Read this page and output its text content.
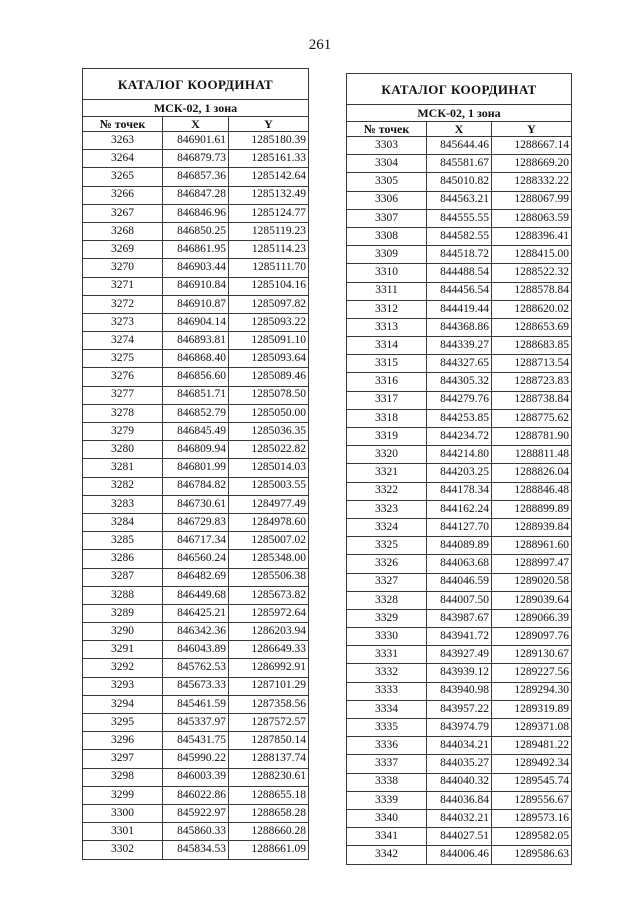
261
КАТАЛОГ КООРДИНАТ		
МСК-02, 1 зона		
№ точек	X	Y
3263	846901.61	1285180.39
3264	846879.73	1285161.33
3265	846857.36	1285142.64
3266	846847.28	1285132.49
3267	846846.96	1285124.77
3268	846850.25	1285119.23
3269	846861.95	1285114.23
3270	846903.44	1285111.70
3271	846910.84	1285104.16
3272	846910.87	1285097.82
3273	846904.14	1285093.22
3274	846893.81	1285091.10
3275	846868.40	1285093.64
3276	846856.60	1285089.46
3277	846851.71	1285078.50
3278	846852.79	1285050.00
3279	846845.49	1285036.35
3280	846809.94	1285022.82
3281	846801.99	1285014.03
3282	846784.82	1285003.55
3283	846730.61	1284977.49
3284	846729.83	1284978.60
3285	846717.34	1285007.02
3286	846560.24	1285348.00
3287	846482.69	1285506.38
3288	846449.68	1285673.82
3289	846425.21	1285972.64
3290	846342.36	1286203.94
3291	846043.89	1286649.33
3292	845762.53	1286992.91
3293	845673.33	1287101.29
3294	845461.59	1287358.56
3295	845337.97	1287572.57
3296	845431.75	1287850.14
3297	845990.22	1288137.74
3298	846003.39	1288230.61
3299	846022.86	1288655.18
3300	845922.97	1288658.28
3301	845860.33	1288660.28
3302	845834.53	1288661.09
КАТАЛОГ КООРДИНАТ		
МСК-02, 1 зона		
№ точек	X	Y
3303	845644.46	1288667.14
3304	845581.67	1288669.20
3305	845010.82	1288332.22
3306	844563.21	1288067.99
3307	844555.55	1288063.59
3308	844582.55	1288396.41
3309	844518.72	1288415.00
3310	844488.54	1288522.32
3311	844456.54	1288578.84
3312	844419.44	1288620.02
3313	844368.86	1288653.69
3314	844339.27	1288683.85
3315	844327.65	1288713.54
3316	844305.32	1288723.83
3317	844279.76	1288738.84
3318	844253.85	1288775.62
3319	844234.72	1288781.90
3320	844214.80	1288811.48
3321	844203.25	1288826.04
3322	844178.34	1288846.48
3323	844162.24	1288899.89
3324	844127.70	1288939.84
3325	844089.89	1288961.60
3326	844063.68	1288997.47
3327	844046.59	1289020.58
3328	844007.50	1289039.64
3329	843987.67	1289066.39
3330	843941.72	1289097.76
3331	843927.49	1289130.67
3332	843939.12	1289227.56
3333	843940.98	1289294.30
3334	843957.22	1289319.89
3335	843974.79	1289371.08
3336	844034.21	1289481.22
3337	844035.27	1289492.34
3338	844040.32	1289545.74
3339	844036.84	1289556.67
3340	844032.21	1289573.16
3341	844027.51	1289582.05
3342	844006.46	1289586.63
